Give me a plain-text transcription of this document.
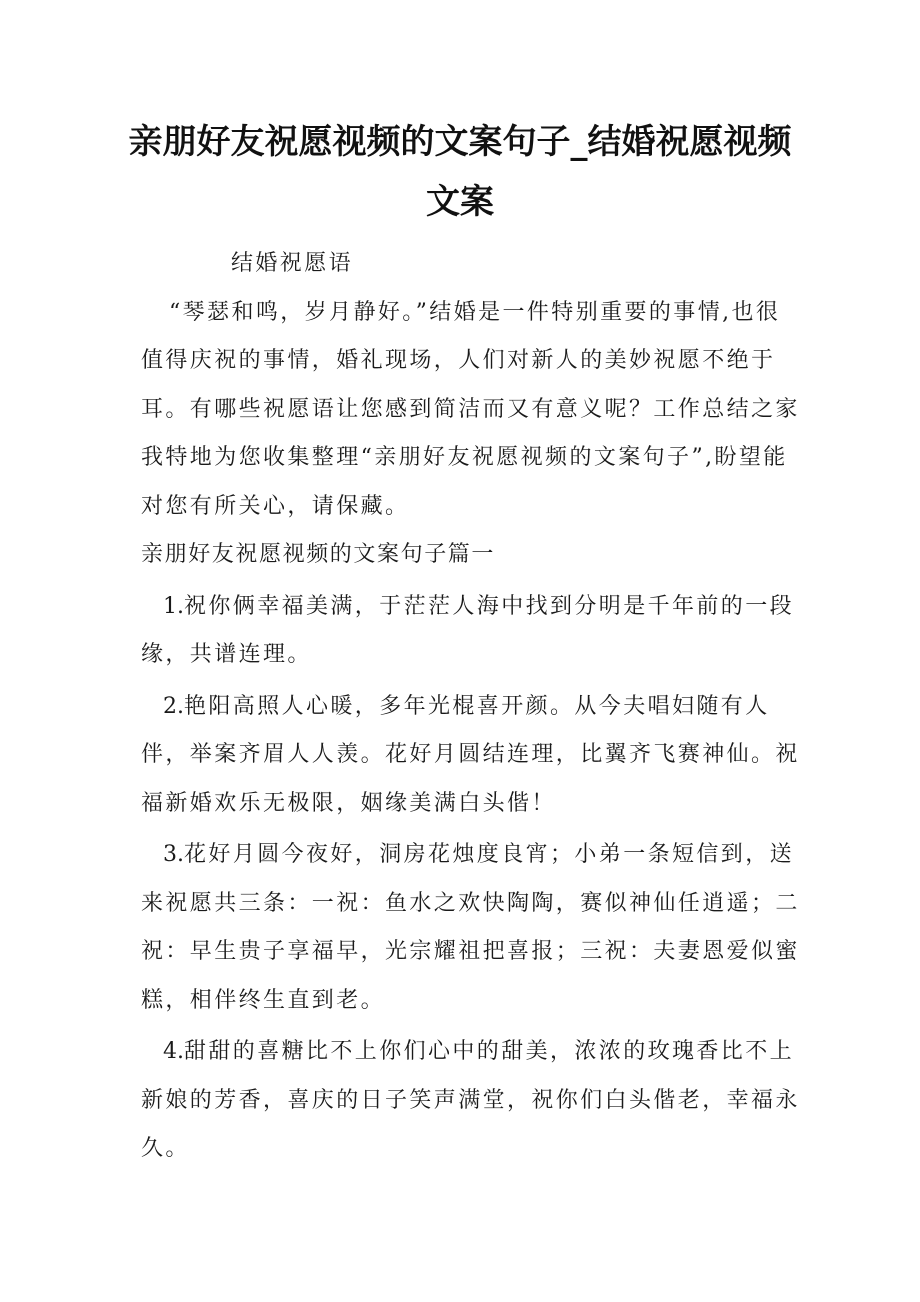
亲朋好友祝愿视频的文案句子_结婚祝愿视频文案

结婚祝愿语

“琴瑟和鸣，岁月静好。”结婚是一件特别重要的事情,也很值得庆祝的事情，婚礼现场，人们对新人的美妙祝愿不绝于耳。有哪些祝愿语让您感到简洁而又有意义呢？工作总结之家我特地为您收集整理“亲朋好友祝愿视频的文案句子”,盼望能对您有所关心，请保藏。

亲朋好友祝愿视频的文案句子篇一

1.祝你俩幸福美满，于茫茫人海中找到分明是千年前的一段缘，共谱连理。

2.艳阳高照人心暖，多年光棍喜开颜。从今夫唱妇随有人伴，举案齐眉人人羡。花好月圆结连理，比翼齐飞赛神仙。祝福新婚欢乐无极限，姻缘美满白头偕！

3.花好月圆今夜好，洞房花烛度良宵；小弟一条短信到，送来祝愿共三条：一祝：鱼水之欢快陶陶，赛似神仙任逍遥；二祝：早生贵子享福早，光宗耀祖把喜报；三祝：夫妻恩爱似蜜糕，相伴终生直到老。

4.甜甜的喜糖比不上你们心中的甜美，浓浓的玫瑰香比不上新娘的芳香，喜庆的日子笑声满堂，祝你们白头偕老，幸福永久。
